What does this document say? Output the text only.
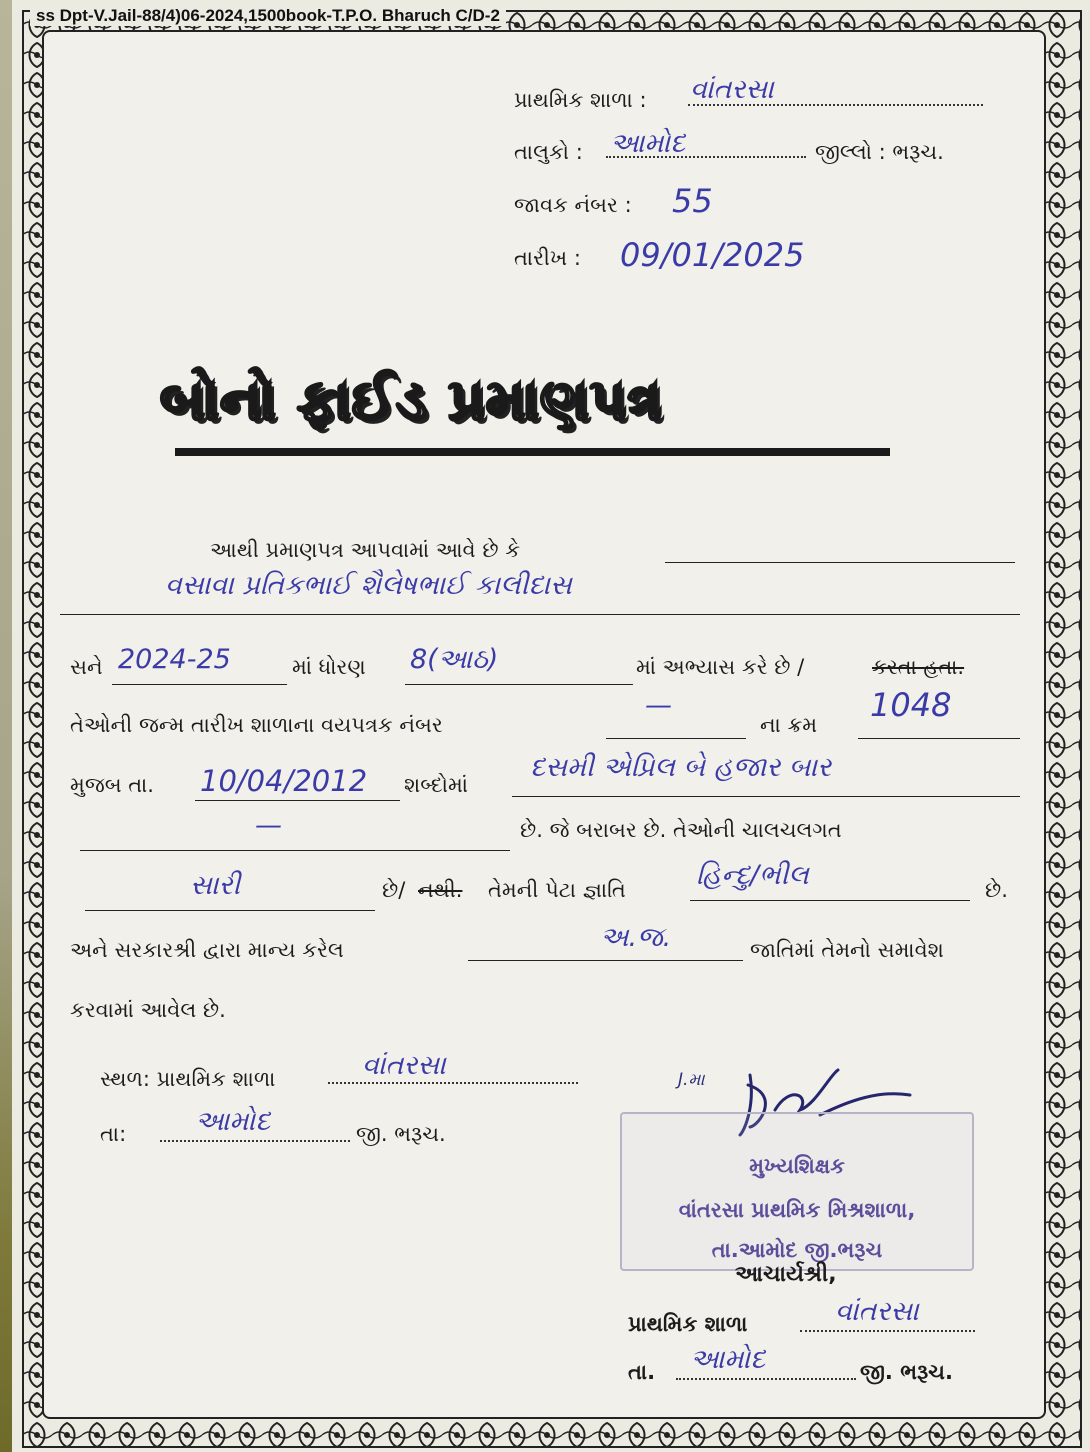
ss Dpt-V.Jail-88/4)06-2024,1500book-T.P.O. Bharuch C/D-2
પ્રાથમિક શાળા : વાંતરસા
તાલુકો : આમોદ	જીલ્લો : ભરૂચ.
જાવક નંબર : 55
તારીખ : 09/01/2025
બોનો ફાઈડ પ્રમાણપત્ર
આથી પ્રમાણપત્ર આપવામાં આવે છે કે
વસાવા પ્રતિકભાઈ શૈલેષભાઈ કાલીદાસ
સને 2024-25	માં ધોરણ 8(આઠ)	માં અભ્યાસ કરે છે /	કરતા હતા.
તેઓની જન્મ તારીખ શાળાના વયપત્રક નંબર
—
ના ક્રમ
1048
મુજબ તા. 10/04/2012 શબ્દોમાં
દસમી એપ્રિલ બે હજાર બાર
—	છે. જે બરાબર છે. તેઓની ચાલચલગત
સારી	છે/ નથી. તેમની પેટા જ્ઞાતિ	હિન્દુ/ભીલ	છે.
અને સરકારશ્રી દ્વારા માન્ય કરેલ	અ.જ.	જાતિમાં તેમનો સમાવેશ
કરવામાં આવેલ છે.
સ્થળ: પ્રાથમિક શાળા	વાંતરસા
તા:	આમોદ	જી. ભરૂચ.
J.મા
મુખ્યશિક્ષક
વાંતરસા પ્રાથમિક મિશ્રશાળા,
તા.આમોદ જી.ભરૂચ
આચાર્યશ્રી,
પ્રાથમિક શાળા	વાંતરસા
તા. આમોદ	જી. ભરૂચ.
